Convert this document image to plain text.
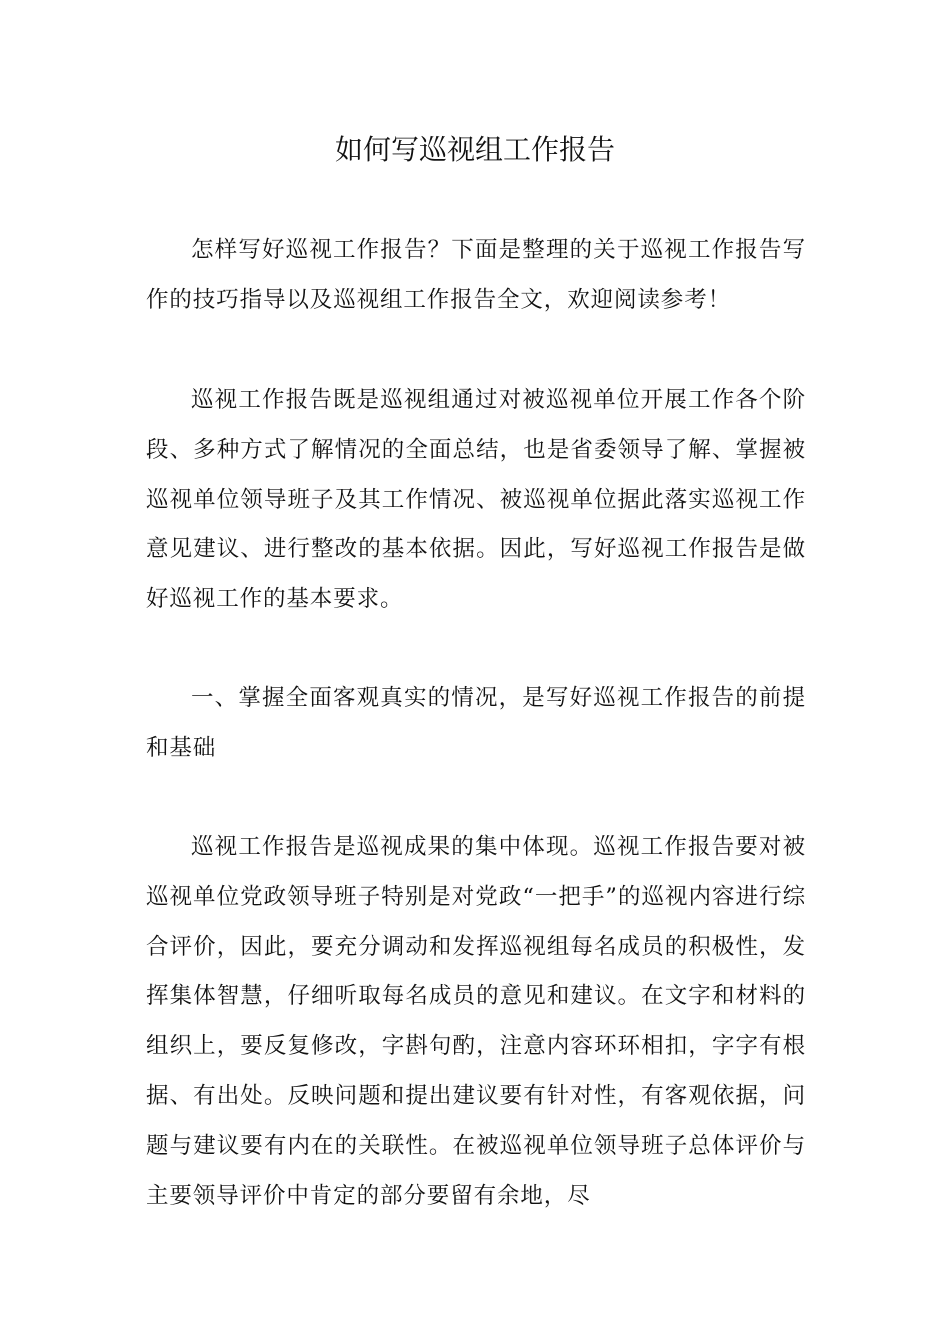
如何写巡视组工作报告

怎样写好巡视工作报告？下面是整理的关于巡视工作报告写作的技巧指导以及巡视组工作报告全文，欢迎阅读参考！

巡视工作报告既是巡视组通过对被巡视单位开展工作各个阶段、多种方式了解情况的全面总结，也是省委领导了解、掌握被巡视单位领导班子及其工作情况、被巡视单位据此落实巡视工作意见建议、进行整改的基本依据。因此，写好巡视工作报告是做好巡视工作的基本要求。

一、掌握全面客观真实的情况，是写好巡视工作报告的前提和基础

巡视工作报告是巡视成果的集中体现。巡视工作报告要对被巡视单位党政领导班子特别是对党政“一把手”的巡视内容进行综合评价，因此，要充分调动和发挥巡视组每名成员的积极性，发挥集体智慧，仔细听取每名成员的意见和建议。在文字和材料的组织上，要反复修改，字斟句酌，注意内容环环相扣，字字有根据、有出处。反映问题和提出建议要有针对性，有客观依据，问题与建议要有内在的关联性。在被巡视单位领导班子总体评价与主要领导评价中肯定的部分要留有余地，尽
